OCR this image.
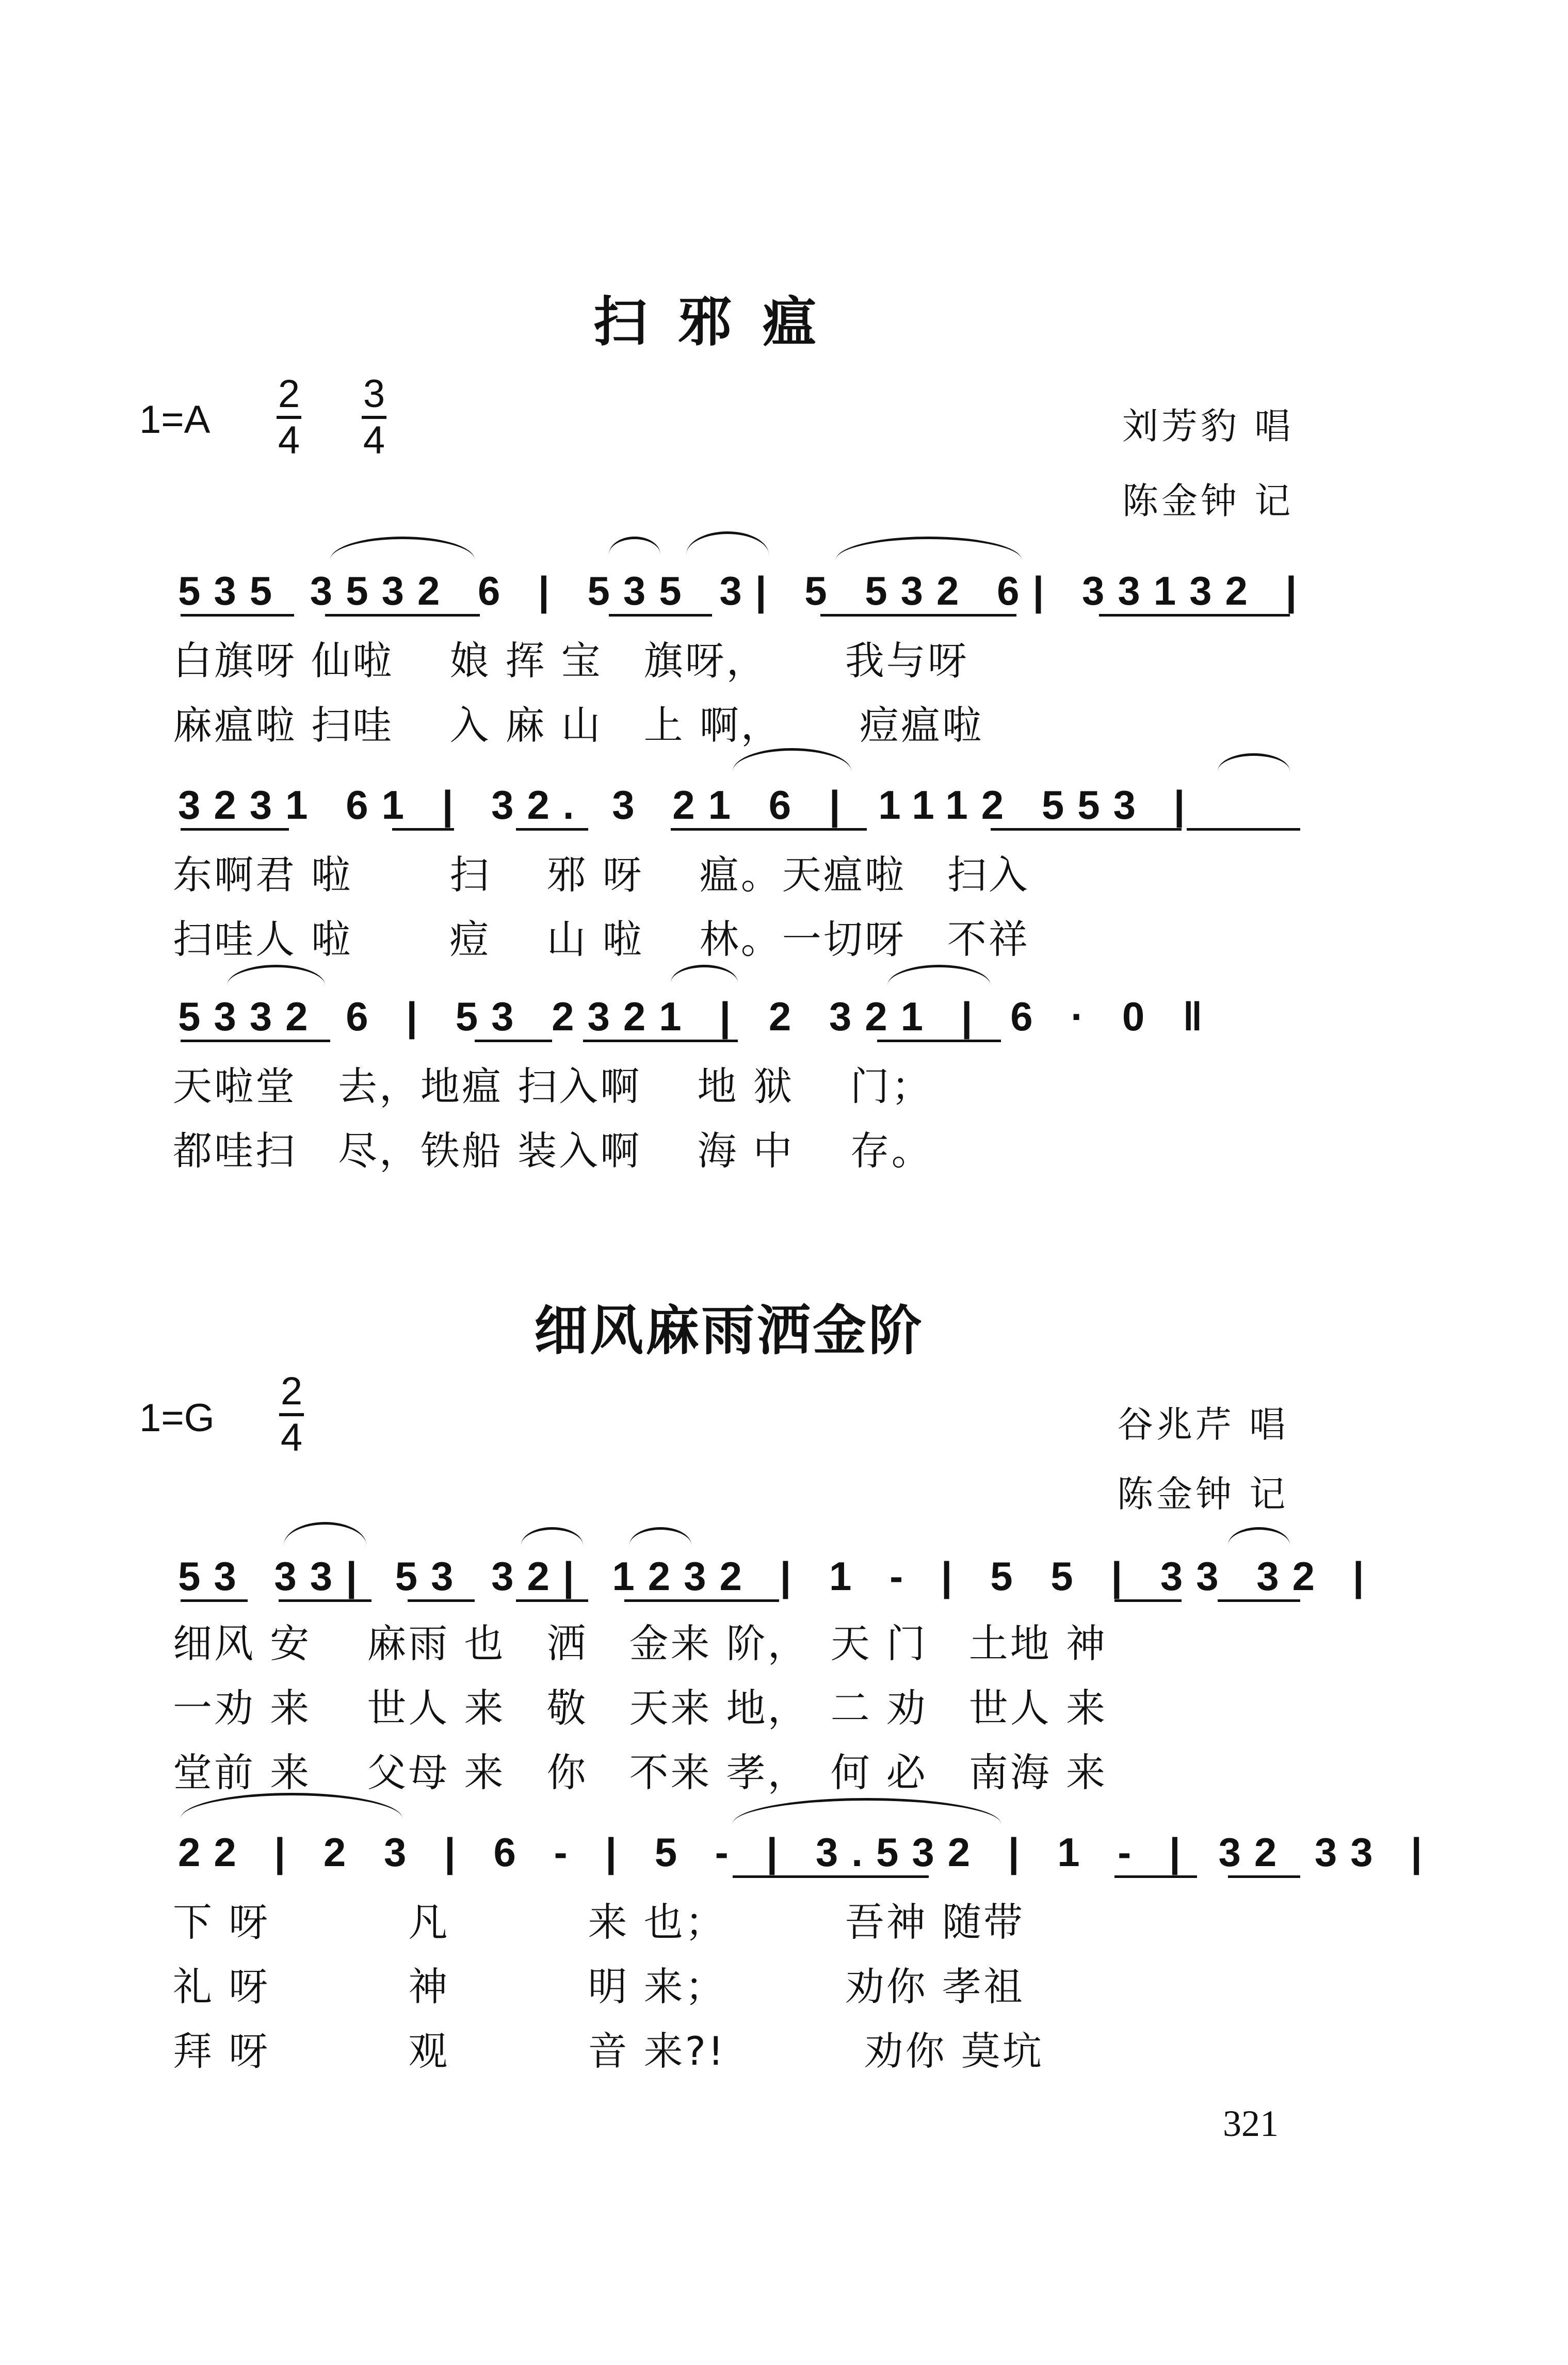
扫邪瘟
1=A
2
4
3
4	刘芳豹 唱
陈金钟 记
535 3532 6 | 535 3| 5 532 6| 33132 |
白旗呀 仙啦　 娘 挥 宝　旗呀，　　 我与呀
麻瘟啦 扫哇　 入 麻 山　上 啊，　　 痘瘟啦
3231 61 | 32. 3 21 6 | 1112 553 |
东啊君 啦　　 扫　 邪 呀　 瘟。天瘟啦　扫入
扫哇人 啦　　 痘　 山 啦　 林。一切呀　不祥
5332 6 | 53 2321 | 2 321 | 6 · 0 ‖
天啦堂　去，地瘟 扫入啊　 地 狱　 门；
都哇扫　尽，铁船 装入啊　 海 中　 存。
细风麻雨洒金阶
1=G
2
4	谷兆芹 唱
陈金钟 记
53 33| 53 32| 1232 | 1 - | 5 5 | 33 32 |
细风 安　 麻雨 也　洒　金来 阶，　天 门　土地 神
一劝 来　 世人 来　敬　天来 地，　二 劝　世人 来
堂前 来　 父母 来　你　不来 孝，　何 必　南海 来
22 | 2 3 | 6 - | 5 - | 3.532 | 1 - | 32 33 |
下 呀　　　 凡　　　 来 也；　　　 吾神 随带
礼 呀　　　 神　　　 明 来；　　　 劝你 孝祖
拜 呀　　　 观　　　 音 来?!　　　 劝你 莫坑
321
